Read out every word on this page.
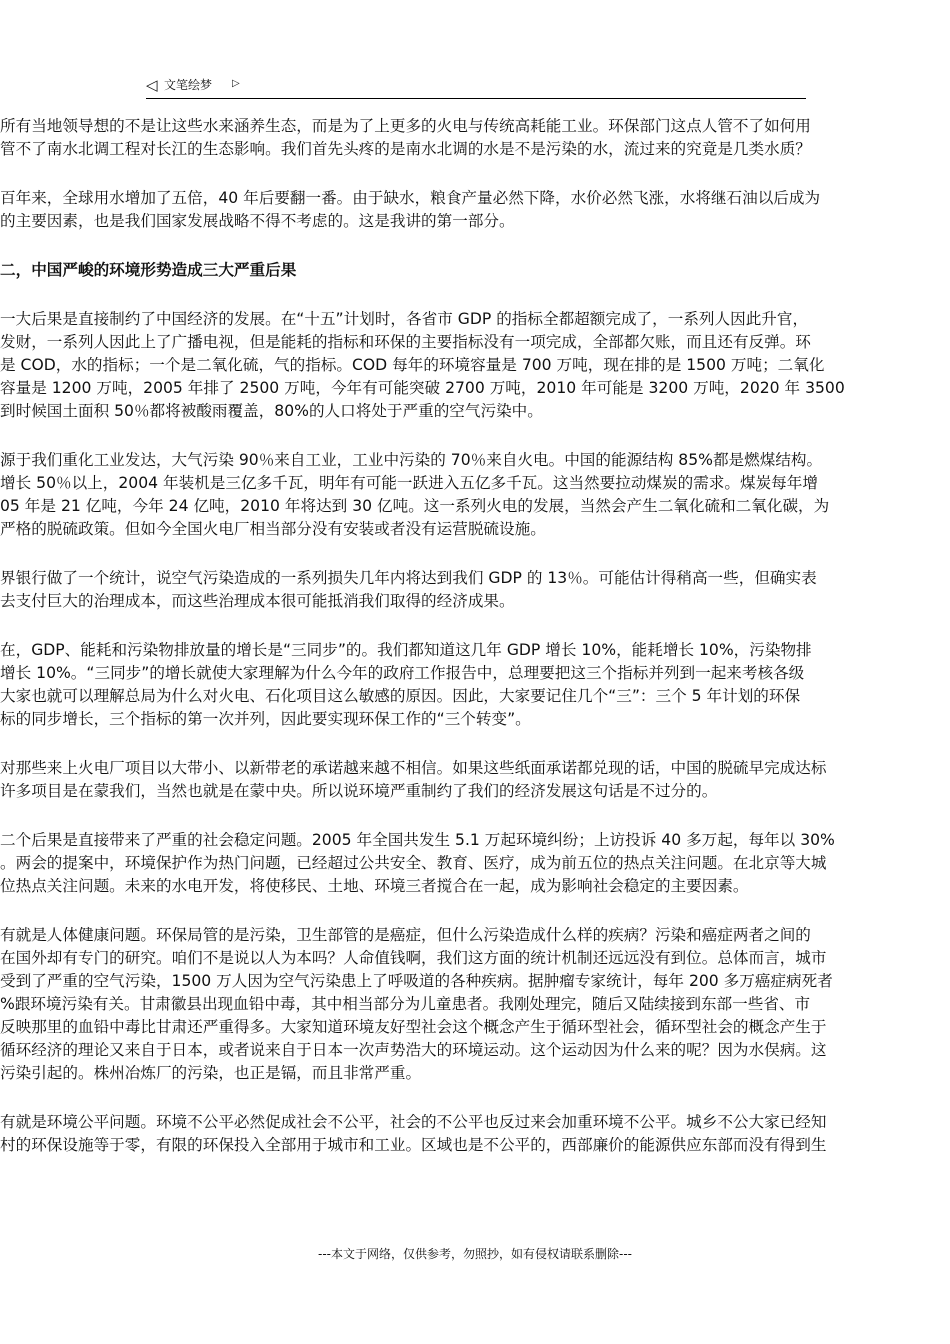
◁ 文笔绘梦 ▷
所有当地领导想的不是让这些水来涵养生态，而是为了上更多的火电与传统高耗能工业。环保部门这点人管不了如何用
管不了南水北调工程对长江的生态影响。我们首先头疼的是南水北调的水是不是污染的水，流过来的究竟是几类水质？
百年来，全球用水增加了五倍，40 年后要翻一番。由于缺水，粮食产量必然下降，水价必然飞涨，水将继石油以后成为
的主要因素，也是我们国家发展战略不得不考虑的。这是我讲的第一部分。
二，中国严峻的环境形势造成三大严重后果
一大后果是直接制约了中国经济的发展。在“十五”计划时，各省市 GDP 的指标全都超额完成了，一系列人因此升官，
发财，一系列人因此上了广播电视，但是能耗的指标和环保的主要指标没有一项完成，全部都欠账，而且还有反弹。环
是 COD，水的指标；一个是二氧化硫，气的指标。COD 每年的环境容量是 700 万吨，现在排的是 1500 万吨；二氧化
容量是 1200 万吨，2005 年排了 2500 万吨，今年有可能突破 2700 万吨，2010 年可能是 3200 万吨，2020 年 3500
到时候国土面积 50％都将被酸雨覆盖，80%的人口将处于严重的空气污染中。
源于我们重化工业发达，大气污染 90％来自工业，工业中污染的 70％来自火电。中国的能源结构 85%都是燃煤结构。
增长 50％以上，2004 年装机是三亿多千瓦，明年有可能一跃进入五亿多千瓦。这当然要拉动煤炭的需求。煤炭每年增
05 年是 21 亿吨，今年 24 亿吨，2010 年将达到 30 亿吨。这一系列火电的发展，当然会产生二氧化硫和二氧化碳，为
严格的脱硫政策。但如今全国火电厂相当部分没有安装或者没有运营脱硫设施。
界银行做了一个统计，说空气污染造成的一系列损失几年内将达到我们 GDP 的 13％。可能估计得稍高一些，但确实表
去支付巨大的治理成本，而这些治理成本很可能抵消我们取得的经济成果。
在，GDP、能耗和污染物排放量的增长是“三同步”的。我们都知道这几年 GDP 增长 10%，能耗增长 10%，污染物排
增长 10%。“三同步”的增长就使大家理解为什么今年的政府工作报告中，总理要把这三个指标并列到一起来考核各级
大家也就可以理解总局为什么对火电、石化项目这么敏感的原因。因此，大家要记住几个“三”：三个 5 年计划的环保
标的同步增长，三个指标的第一次并列，因此要实现环保工作的“三个转变”。
对那些来上火电厂项目以大带小、以新带老的承诺越来越不相信。如果这些纸面承诺都兑现的话，中国的脱硫早完成达标
许多项目是在蒙我们，当然也就是在蒙中央。所以说环境严重制约了我们的经济发展这句话是不过分的。
二个后果是直接带来了严重的社会稳定问题。2005 年全国共发生 5.1 万起环境纠纷；上访投诉 40 多万起，每年以 30%
。两会的提案中，环境保护作为热门问题，已经超过公共安全、教育、医疗，成为前五位的热点关注问题。在北京等大城
位热点关注问题。未来的水电开发，将使移民、土地、环境三者搅合在一起，成为影响社会稳定的主要因素。
有就是人体健康问题。环保局管的是污染，卫生部管的是癌症，但什么污染造成什么样的疾病？污染和癌症两者之间的
在国外却有专门的研究。咱们不是说以人为本吗？人命值钱啊，我们这方面的统计机制还远远没有到位。总体而言，城市
受到了严重的空气污染，1500 万人因为空气污染患上了呼吸道的各种疾病。据肿瘤专家统计，每年 200 多万癌症病死者
%跟环境污染有关。甘肃徽县出现血铅中毒，其中相当部分为儿童患者。我刚处理完，随后又陆续接到东部一些省、市
反映那里的血铅中毒比甘肃还严重得多。大家知道环境友好型社会这个概念产生于循环型社会，循环型社会的概念产生于
循环经济的理论又来自于日本，或者说来自于日本一次声势浩大的环境运动。这个运动因为什么来的呢？因为水俣病。这
污染引起的。株州冶炼厂的污染，也正是镉，而且非常严重。
有就是环境公平问题。环境不公平必然促成社会不公平，社会的不公平也反过来会加重环境不公平。城乡不公大家已经知
村的环保设施等于零，有限的环保投入全部用于城市和工业。区域也是不公平的，西部廉价的能源供应东部而没有得到生
---本文于网络，仅供参考，勿照抄，如有侵权请联系删除---
